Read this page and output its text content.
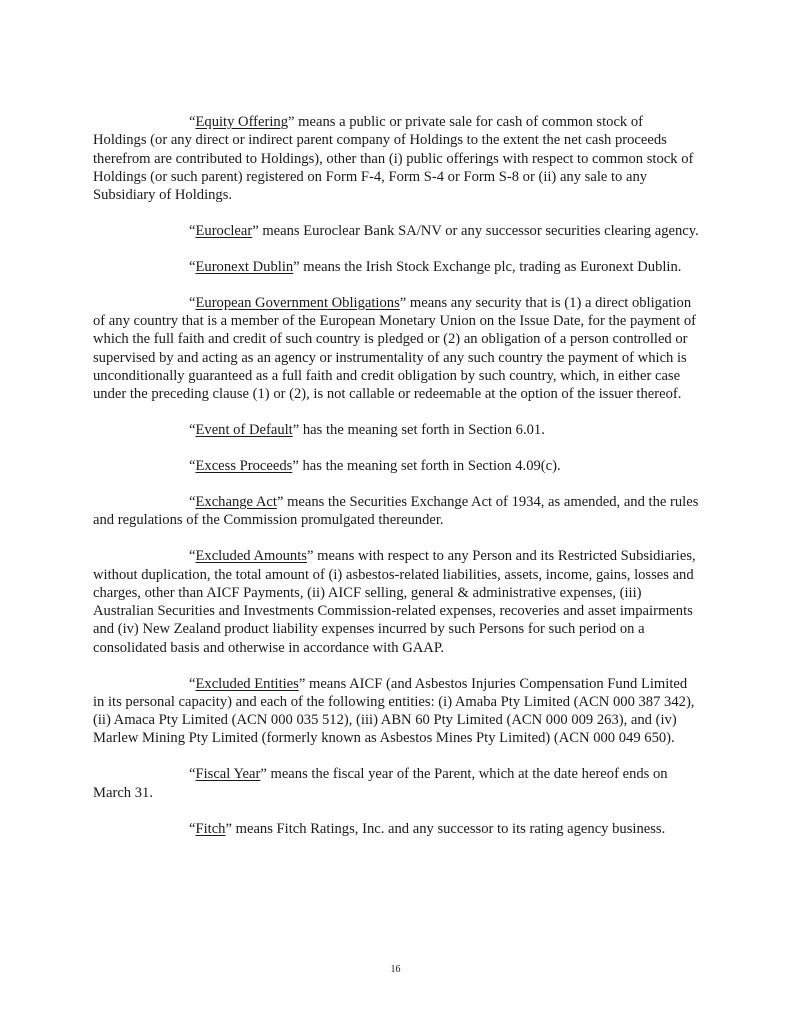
“Equity Offering” means a public or private sale for cash of common stock of Holdings (or any direct or indirect parent company of Holdings to the extent the net cash proceeds therefrom are contributed to Holdings), other than (i) public offerings with respect to common stock of Holdings (or such parent) registered on Form F-4, Form S-4 or Form S-8 or (ii) any sale to any Subsidiary of Holdings.

“Euroclear” means Euroclear Bank SA/NV or any successor securities clearing agency.

“Euronext Dublin” means the Irish Stock Exchange plc, trading as Euronext Dublin.

“European Government Obligations” means any security that is (1) a direct obligation of any country that is a member of the European Monetary Union on the Issue Date, for the payment of which the full faith and credit of such country is pledged or (2) an obligation of a person controlled or supervised by and acting as an agency or instrumentality of any such country the payment of which is unconditionally guaranteed as a full faith and credit obligation by such country, which, in either case under the preceding clause (1) or (2), is not callable or redeemable at the option of the issuer thereof.

“Event of Default” has the meaning set forth in Section 6.01.

“Excess Proceeds” has the meaning set forth in Section 4.09(c).

“Exchange Act” means the Securities Exchange Act of 1934, as amended, and the rules and regulations of the Commission promulgated thereunder.

“Excluded Amounts” means with respect to any Person and its Restricted Subsidiaries, without duplication, the total amount of (i) asbestos-related liabilities, assets, income, gains, losses and charges, other than AICF Payments, (ii) AICF selling, general & administrative expenses, (iii) Australian Securities and Investments Commission-related expenses, recoveries and asset impairments and (iv) New Zealand product liability expenses incurred by such Persons for such period on a consolidated basis and otherwise in accordance with GAAP.

“Excluded Entities” means AICF (and Asbestos Injuries Compensation Fund Limited in its personal capacity) and each of the following entities: (i) Amaba Pty Limited (ACN 000 387 342), (ii) Amaca Pty Limited (ACN 000 035 512), (iii) ABN 60 Pty Limited (ACN 000 009 263), and (iv) Marlew Mining Pty Limited (formerly known as Asbestos Mines Pty Limited) (ACN 000 049 650).

“Fiscal Year” means the fiscal year of the Parent, which at the date hereof ends on March 31.

“Fitch” means Fitch Ratings, Inc. and any successor to its rating agency business.

16
